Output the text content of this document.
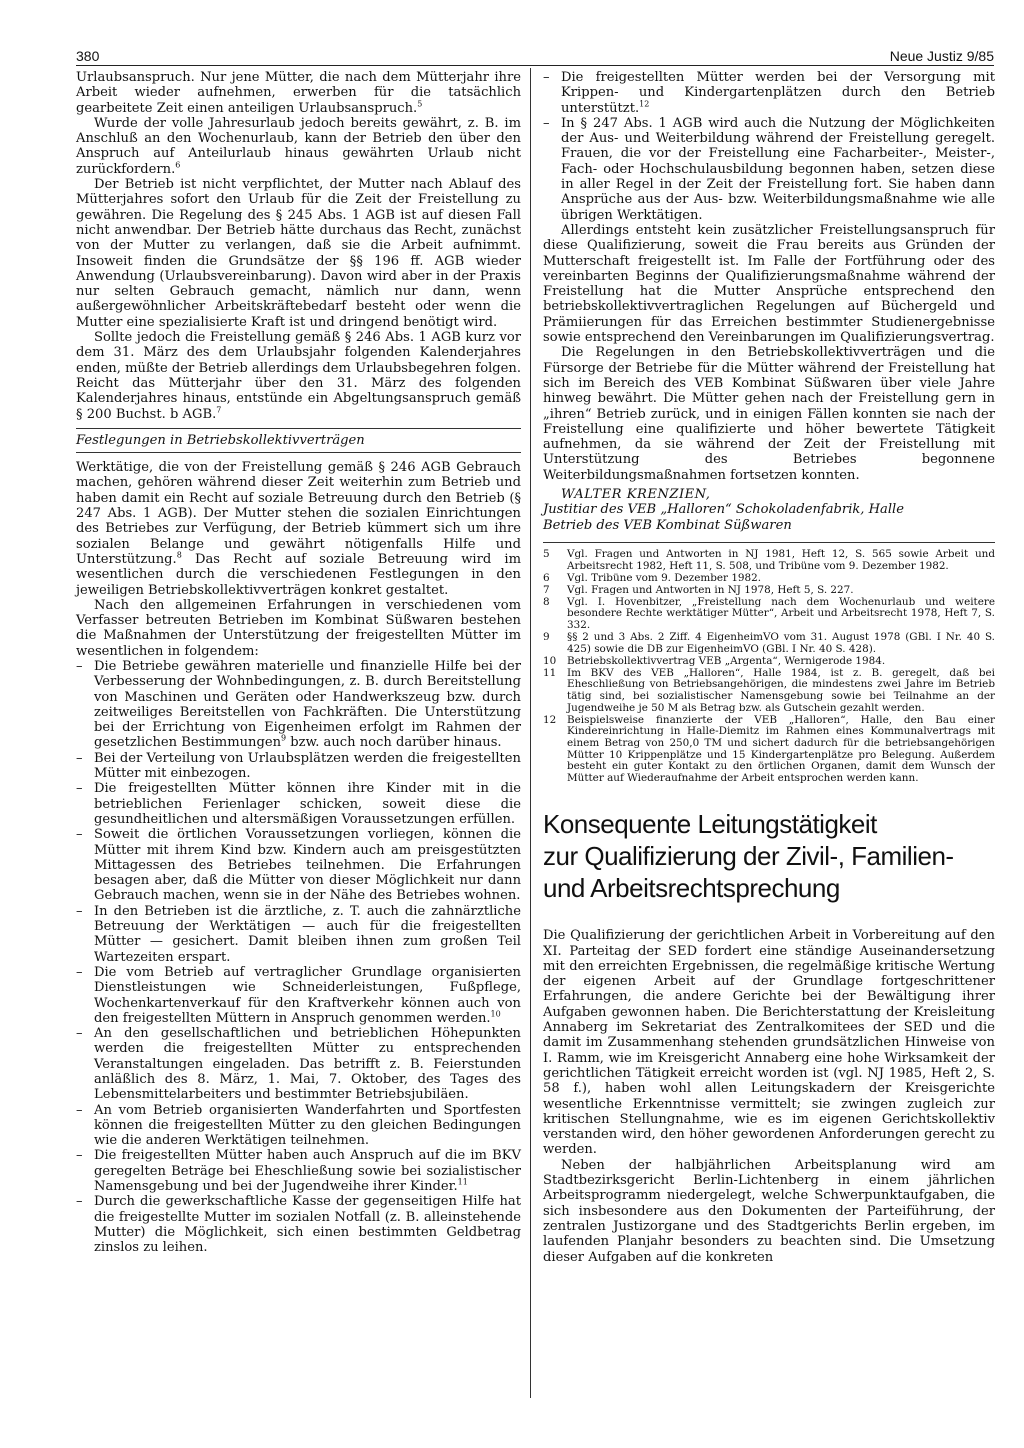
380	Neue Justiz 9/85

Urlaubsanspruch. Nur jene Mütter, die nach dem Mütterjahr ihre Arbeit wieder aufnehmen, erwerben für die tatsächlich gearbeitete Zeit einen anteiligen Urlaubsanspruch.$^5$

Wurde der volle Jahresurlaub jedoch bereits gewährt, z. B. im Anschluß an den Wochenurlaub, kann der Betrieb den über den Anspruch auf Anteilurlaub hinaus gewährten Urlaub nicht zurückfordern.$^6$

Der Betrieb ist nicht verpflichtet, der Mutter nach Ablauf des Mütterjahres sofort den Urlaub für die Zeit der Freistellung zu gewähren. Die Regelung des § 245 Abs. 1 AGB ist auf diesen Fall nicht anwendbar. Der Betrieb hätte durchaus das Recht, zunächst von der Mutter zu verlangen, daß sie die Arbeit aufnimmt. Insoweit finden die Grundsätze der §§ 196 ff. AGB wieder Anwendung (Urlaubsvereinbarung). Davon wird aber in der Praxis nur selten Gebrauch gemacht, nämlich nur dann, wenn außergewöhnlicher Arbeitskräftebedarf besteht oder wenn die Mutter eine spezialisierte Kraft ist und dringend benötigt wird.

Sollte jedoch die Freistellung gemäß § 246 Abs. 1 AGB kurz vor dem 31. März des dem Urlaubsjahr folgenden Kalenderjahres enden, müßte der Betrieb allerdings dem Urlaubsbegehren folgen. Reicht das Mütterjahr über den 31. März des folgenden Kalenderjahres hinaus, entstünde ein Abgeltungsanspruch gemäß § 200 Buchst. b AGB.$^7$

Festlegungen in Betriebskollektivverträgen

Werktätige, die von der Freistellung gemäß § 246 AGB Gebrauch machen, gehören während dieser Zeit weiterhin zum Betrieb und haben damit ein Recht auf soziale Betreuung durch den Betrieb (§ 247 Abs. 1 AGB). Der Mutter stehen die sozialen Einrichtungen des Betriebes zur Verfügung, der Betrieb kümmert sich um ihre sozialen Belange und gewährt nötigenfalls Hilfe und Unterstützung.$^8$ Das Recht auf soziale Betreuung wird im wesentlichen durch die verschiedenen Festlegungen in den jeweiligen Betriebskollektivverträgen konkret gestaltet.

Nach den allgemeinen Erfahrungen in verschiedenen vom Verfasser betreuten Betrieben im Kombinat Süßwaren bestehen die Maßnahmen der Unterstützung der freigestellten Mütter im wesentlichen in folgendem:

– Die Betriebe gewähren materielle und finanzielle Hilfe bei der Verbesserung der Wohnbedingungen, z. B. durch Bereitstellung von Maschinen und Geräten oder Handwerkszeug bzw. durch zeitweiliges Bereitstellen von Fachkräften. Die Unterstützung bei der Errichtung von Eigenheimen erfolgt im Rahmen der gesetzlichen Bestimmungen$^9$ bzw. auch noch darüber hinaus.
– Bei der Verteilung von Urlaubsplätzen werden die freigestellten Mütter mit einbezogen.
– Die freigestellten Mütter können ihre Kinder mit in die betrieblichen Ferienlager schicken, soweit diese die gesundheitlichen und altersmäßigen Voraussetzungen erfüllen.
– Soweit die örtlichen Voraussetzungen vorliegen, können die Mütter mit ihrem Kind bzw. Kindern auch am preisgestützten Mittagessen des Betriebes teilnehmen. Die Erfahrungen besagen aber, daß die Mütter von dieser Möglichkeit nur dann Gebrauch machen, wenn sie in der Nähe des Betriebes wohnen.
– In den Betrieben ist die ärztliche, z. T. auch die zahnärztliche Betreuung der Werktätigen — auch für die freigestellten Mütter — gesichert. Damit bleiben ihnen zum großen Teil Wartezeiten erspart.
– Die vom Betrieb auf vertraglicher Grundlage organisierten Dienstleistungen wie Schneiderleistungen, Fußpflege, Wochenkartenverkauf für den Kraftverkehr können auch von den freigestellten Müttern in Anspruch genommen werden.$^{10}$
– An den gesellschaftlichen und betrieblichen Höhepunkten werden die freigestellten Mütter zu entsprechenden Veranstaltungen eingeladen. Das betrifft z. B. Feierstunden anläßlich des 8. März, 1. Mai, 7. Oktober, des Tages des Lebensmittelarbeiters und bestimmter Betriebsjubiläen.
– An vom Betrieb organisierten Wanderfahrten und Sportfesten können die freigestellten Mütter zu den gleichen Bedingungen wie die anderen Werktätigen teilnehmen.
– Die freigestellten Mütter haben auch Anspruch auf die im BKV geregelten Beträge bei Eheschließung sowie bei sozialistischer Namensgebung und bei der Jugendweihe ihrer Kinder.$^{11}$
– Durch die gewerkschaftliche Kasse der gegenseitigen Hilfe hat die freigestellte Mutter im sozialen Notfall (z. B. alleinstehende Mutter) die Möglichkeit, sich einen bestimmten Geldbetrag zinslos zu leihen.
– Die freigestellten Mütter werden bei der Versorgung mit Krippen- und Kindergartenplätzen durch den Betrieb unterstützt.$^{12}$
– In § 247 Abs. 1 AGB wird auch die Nutzung der Möglichkeiten der Aus- und Weiterbildung während der Freistellung geregelt. Frauen, die vor der Freistellung eine Facharbeiter-, Meister-, Fach- oder Hochschulausbildung begonnen haben, setzen diese in aller Regel in der Zeit der Freistellung fort. Sie haben dann Ansprüche aus der Aus- bzw. Weiterbildungsmaßnahme wie alle übrigen Werktätigen.

Allerdings entsteht kein zusätzlicher Freistellungsanspruch für diese Qualifizierung, soweit die Frau bereits aus Gründen der Mutterschaft freigestellt ist. Im Falle der Fortführung oder des vereinbarten Beginns der Qualifizierungsmaßnahme während der Freistellung hat die Mutter Ansprüche entsprechend den betriebskollektivvertraglichen Regelungen auf Büchergeld und Prämiierungen für das Erreichen bestimmter Studienergebnisse sowie entsprechend den Vereinbarungen im Qualifizierungsvertrag.

Die Regelungen in den Betriebskollektivverträgen und die Fürsorge der Betriebe für die Mütter während der Freistellung hat sich im Bereich des VEB Kombinat Süßwaren über viele Jahre hinweg bewährt. Die Mütter gehen nach der Freistellung gern in „ihren“ Betrieb zurück, und in einigen Fällen konnten sie nach der Freistellung eine qualifizierte und höher bewertete Tätigkeit aufnehmen, da sie während der Zeit der Freistellung mit Unterstützung des Betriebes begonnene Weiterbildungsmaßnahmen fortsetzen konnten.

WALTER KRENZIEN,
Justitiar des VEB „Halloren“ Schokoladenfabrik, Halle
Betrieb des VEB Kombinat Süßwaren
5	Vgl. Fragen und Antworten in NJ 1981, Heft 12, S. 565 sowie Arbeit und Arbeitsrecht 1982, Heft 11, S. 508, und Tribüne vom 9. Dezember 1982.
6	Vgl. Tribüne vom 9. Dezember 1982.
7	Vgl. Fragen und Antworten in NJ 1978, Heft 5, S. 227.
8	Vgl. I. Hovenbitzer, „Freistellung nach dem Wochenurlaub und weitere besondere Rechte werktätiger Mütter“, Arbeit und Arbeitsrecht 1978, Heft 7, S. 332.
9	§§ 2 und 3 Abs. 2 Ziff. 4 EigenheimVO vom 31. August 1978 (GBl. I Nr. 40 S. 425) sowie die DB zur EigenheimVO (GBl. I Nr. 40 S. 428).
10	Betriebskollektivvertrag VEB „Argenta“, Wernigerode 1984.
11	Im BKV des VEB „Halloren“, Halle 1984, ist z. B. geregelt, daß bei Eheschließung von Betriebsangehörigen, die mindestens zwei Jahre im Betrieb tätig sind, bei sozialistischer Namensgebung sowie bei Teilnahme an der Jugendweihe je 50 M als Betrag bzw. als Gutschein gezahlt werden.
12	Beispielsweise finanzierte der VEB „Halloren“, Halle, den Bau einer Kindereinrichtung in Halle-Diemitz im Rahmen eines Kommunalvertrags mit einem Betrag von 250,0 TM und sichert dadurch für die betriebsangehörigen Mütter 10 Krippenplätze und 15 Kindergartenplätze pro Belegung. Außerdem besteht ein guter Kontakt zu den örtlichen Organen, damit dem Wunsch der Mütter auf Wiederaufnahme der Arbeit entsprochen werden kann.
Konsequente Leitungstätigkeit
zur Qualifizierung der Zivil-, Familien-
und Arbeitsrechtsprechung

Die Qualifizierung der gerichtlichen Arbeit in Vorbereitung auf den XI. Parteitag der SED fordert eine ständige Auseinandersetzung mit den erreichten Ergebnissen, die regelmäßige kritische Wertung der eigenen Arbeit auf der Grundlage fortgeschrittener Erfahrungen, die andere Gerichte bei der Bewältigung ihrer Aufgaben gewonnen haben. Die Berichterstattung der Kreisleitung Annaberg im Sekretariat des Zentralkomitees der SED und die damit im Zusammenhang stehenden grundsätzlichen Hinweise von I. Ramm, wie im Kreisgericht Annaberg eine hohe Wirksamkeit der gerichtlichen Tätigkeit erreicht worden ist (vgl. NJ 1985, Heft 2, S. 58 f.), haben wohl allen Leitungskadern der Kreisgerichte wesentliche Erkenntnisse vermittelt; sie zwingen zugleich zur kritischen Stellungnahme, wie es im eigenen Gerichtskollektiv verstanden wird, den höher gewordenen Anforderungen gerecht zu werden.

Neben der halbjährlichen Arbeitsplanung wird am Stadtbezirksgericht Berlin-Lichtenberg in einem jährlichen Arbeitsprogramm niedergelegt, welche Schwerpunktaufgaben, die sich insbesondere aus den Dokumenten der Parteiführung, der zentralen Justizorgane und des Stadtgerichts Berlin ergeben, im laufenden Planjahr besonders zu beachten sind. Die Umsetzung dieser Aufgaben auf die konkreten
